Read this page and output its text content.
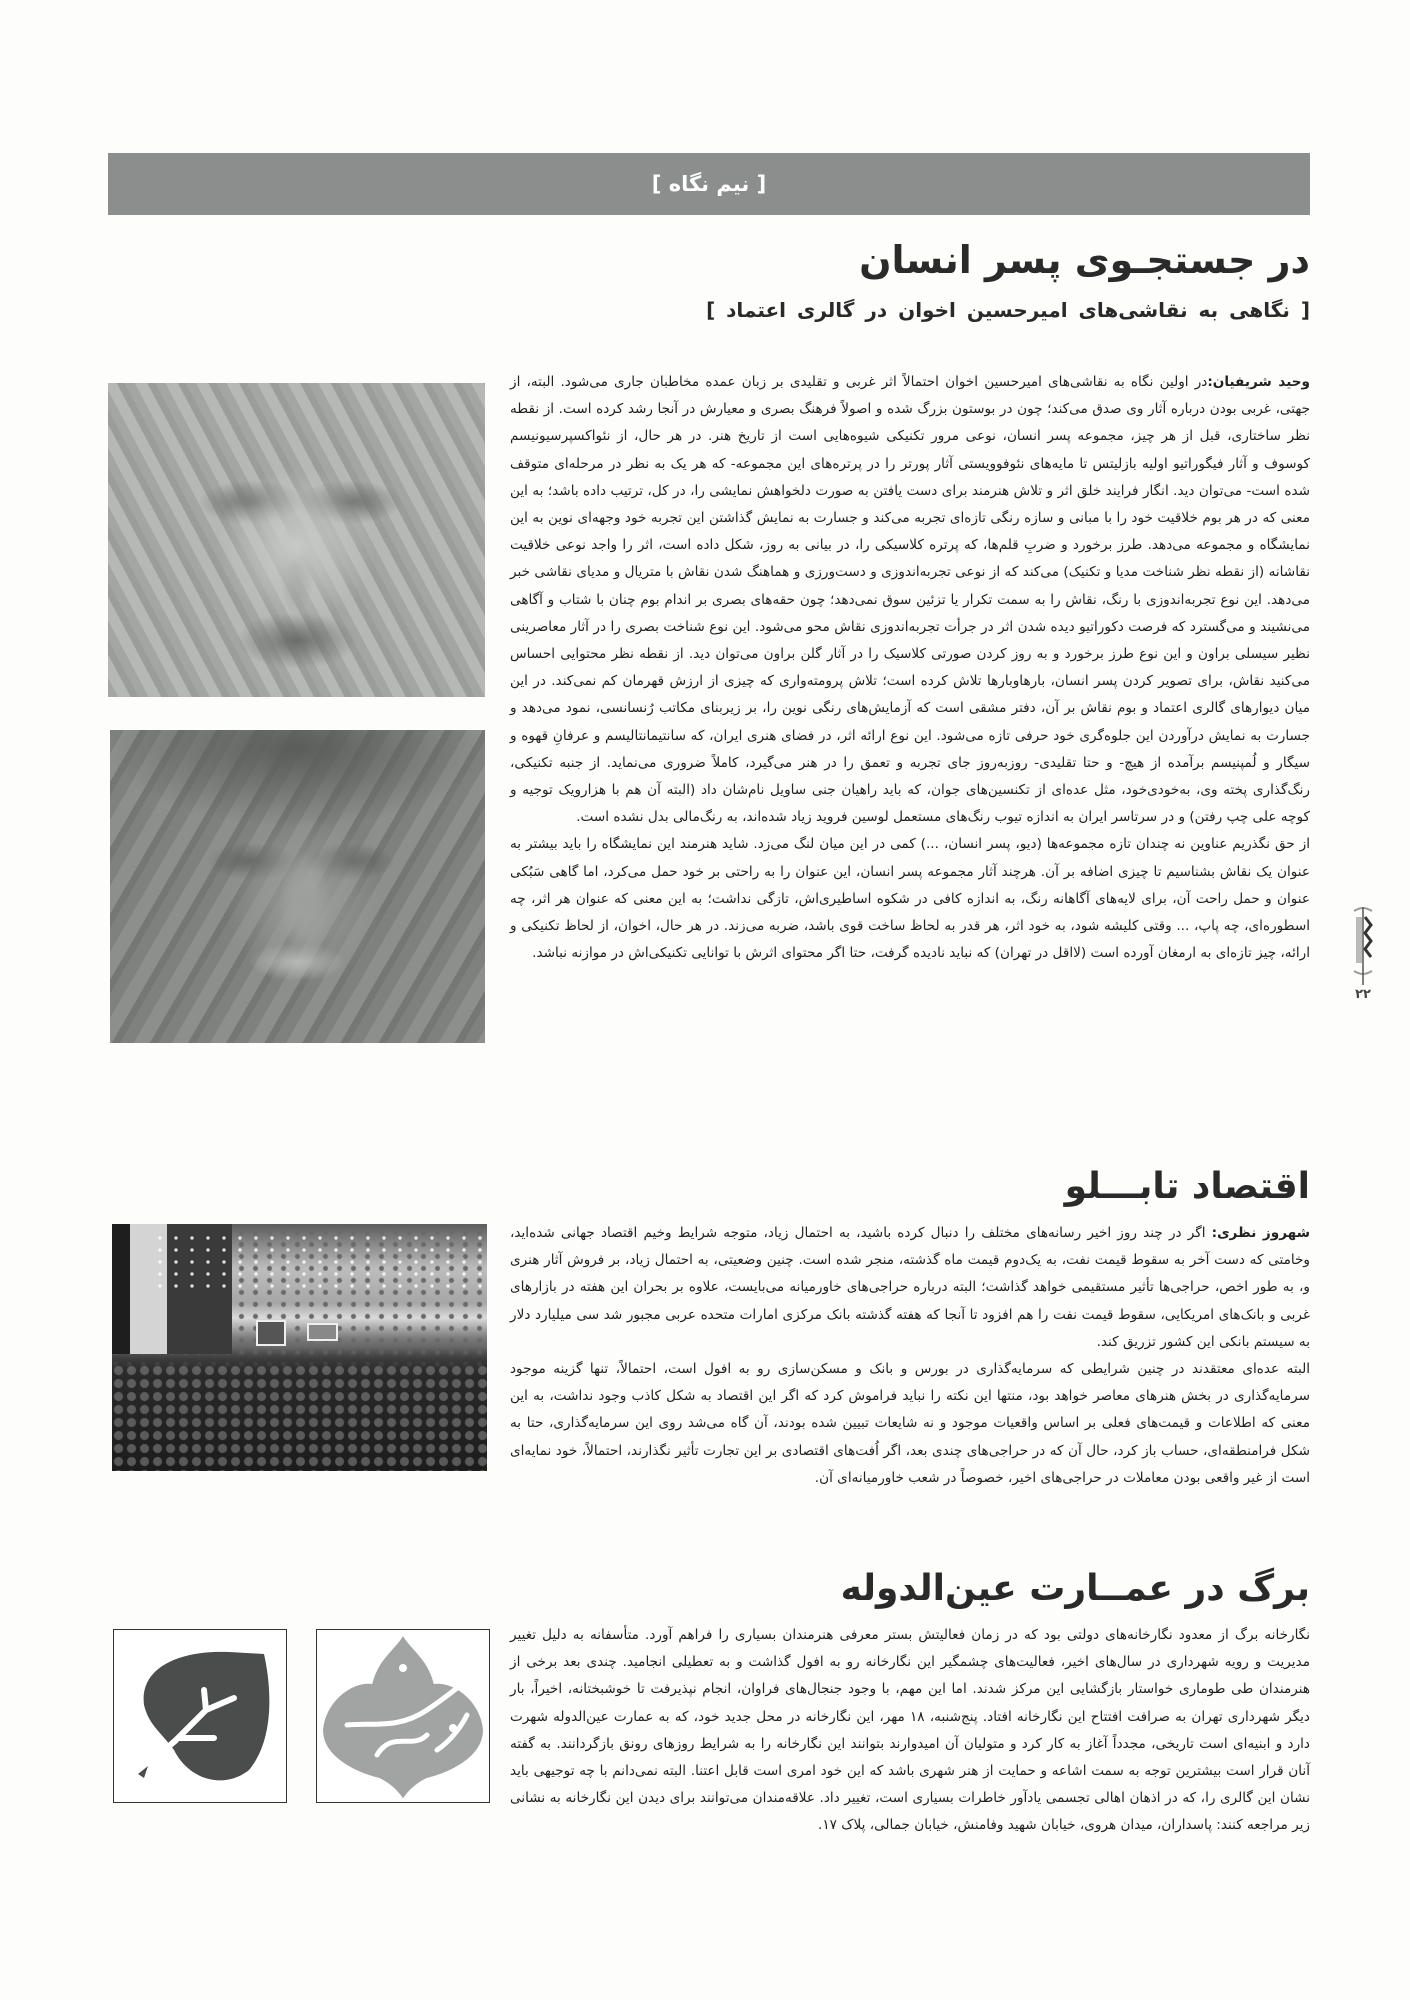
[ نیم نگاه ]
در جستجـوی پسر انسان
[ نگاهی به نقاشی‌های امیرحسین اخوان در گالری اعتماد ]

وحید شریفیان:در اولین نگاه به نقاشی‌های امیرحسین اخوان احتمالاً اثر غربی و تقلیدی بر زبان عمده مخاطبان جاری می‌شود. البته، از جهتی، غربی بودن درباره آثار وی صدق می‌کند؛ چون در بوستون بزرگ شده و اصولاً فرهنگ بصری و معیارش در آنجا رشد کرده است. از نقطه نظر ساختاری، قبل از هر چیز، مجموعه پسر انسان، نوعی مرور تکنیکی شیوه‌هایی است از تاریخ هنر. در هر حال، از نئواکسپرسیونیسم کوسوف و آثار فیگوراتیو اولیه بازلیتس تا مایه‌های نئوفوویستی آثار پورتر را در پرتره‌های این مجموعه- که هر یک به نظر در مرحله‌ای متوقف شده است- می‌توان دید. انگار فرایند خلق اثر و تلاش هنرمند برای دست یافتن به صورت دلخواهش نمایشی را، در کل، ترتیب داده باشد؛ به این معنی که در هر بوم خلاقیت خود را با مبانی و سازه رنگی تازه‌ای تجربه می‌کند و جسارت به نمایش گذاشتن این تجربه خود وجهه‌ای نوین به این نمایشگاه و مجموعه می‌دهد. طرز برخورد و ضربِ قلم‌ها، که پرتره کلاسیکی را، در بیانی به روز، شکل داده است، اثر را واجد نوعی خلاقیت نقاشانه (از نقطه نظر شناخت مدیا و تکنیک) می‌کند که از نوعی تجربه‌اندوزی و دست‌ورزی و هماهنگ شدن نقاش با متریال و مدیای نقاشی خبر می‌دهد. این نوع تجربه‌اندوزی با رنگ، نقاش را به سمت تکرار یا تزئین سوق نمی‌دهد؛ چون حقه‌های بصری بر اندام بوم چنان با شتاب و آگاهی می‌نشیند و می‌گسترد که فرصت دکوراتیو دیده شدن اثر در جرأت تجربه‌اندوزی نقاش محو می‌شود. این نوع شناخت بصری را در آثار معاصرینی نظیر سیسلی براون و این نوع طرز برخورد و به روز کردن صورتی کلاسیک را در آثار گلن براون می‌توان دید. از نقطه نظر محتوایی احساس می‌کنید نقاش، برای تصویر کردن پسر انسان، بارهاوبارها تلاش کرده است؛ تلاش پرومته‌واری که چیزی از ارزش قهرمان کم نمی‌کند. در این میان دیوارهای گالری اعتماد و بوم نقاش بر آن، دفتر مشقی است که آزمایش‌های رنگی نوین را، بر زیربنای مکاتب رُنسانسی، نمود می‌دهد و جسارت به نمایش درآوردن این جلوه‌گری خود حرفی تازه می‌شود. این نوع ارائه اثر، در فضای هنری ایران، که سانتیمانتالیسم و عرفانِ قهوه و سیگار و لُمپنیسم برآمده از هیچ- و حتا تقلیدی- روزبه‌روز جای تجربه و تعمق را در هنر می‌گیرد، کاملاً ضروری می‌نماید. از جنبه تکنیکی، رنگ‌گذاری پخته وی، به‌خودی‌خود، مثل عده‌ای از تکنسین‌های جوان، که باید راهیان جنی ساویل نام‌شان داد (البته آن هم با هزارویک توجیه و کوچه علی چپ رفتن) و در سرتاسر ایران به اندازه تیوب رنگ‌های مستعمل لوسین فروید زیاد شده‌اند، به رنگ‌مالی بدل نشده است.

از حق نگذریم عناوین نه چندان تازه مجموعه‌ها (دیو، پسر انسان، ...) کمی در این میان لنگ می‌زد. شاید هنرمند این نمایشگاه را باید بیشتر به عنوان یک نقاش بشناسیم تا چیزی اضافه بر آن. هرچند آثار مجموعه پسر انسان، این عنوان را به راحتی بر خود حمل می‌کرد، اما گاهی سَبُکی عنوان و حمل راحت آن، برای لایه‌های آگاهانه رنگ، به اندازه کافی در شکوه اساطیری‌اش، تازگی نداشت؛ به این معنی که عنوان هر اثر، چه اسطوره‌ای، چه پاپ، ... وقتی کلیشه شود، به خود اثر، هر قدر به لحاظ ساخت قوی باشد، ضربه می‌زند. در هر حال، اخوان، از لحاظ تکنیکی و ارائه، چیز تازه‌ای به ارمغان آورده است (لااقل در تهران) که نباید نادیده گرفت، حتا اگر محتوای اثرش با توانایی تکنیکی‌اش در موازنه نباشد.

اقتصاد تابـــلو

شهروز نظری: اگر در چند روز اخیر رسانه‌های مختلف را دنبال کرده باشید، به احتمال زیاد، متوجه شرایط وخیم اقتصاد جهانی شده‌اید، وخامتی که دست آخر به سقوط قیمت نفت، به یک‌دوم قیمت ماه گذشته، منجر شده است. چنین وضعیتی، به احتمال زیاد، بر فروش آثار هنری و، به طور اخص، حراجی‌ها تأثیر مستقیمی خواهد گذاشت؛ البته درباره حراجی‌های خاورمیانه می‌بایست، علاوه بر بحران این هفته در بازارهای غربی و بانک‌های امریکایی، سقوط قیمت نفت را هم افزود تا آنجا که هفته گذشته بانک مرکزی امارات متحده عربی مجبور شد سی میلیارد دلار به سیستم بانکی این کشور تزریق کند.

البته عده‌ای معتقدند در چنین شرایطی که سرمایه‌گذاری در بورس و بانک و مسکن‌سازی رو به افول است، احتمالاً، تنها گزینه موجود سرمایه‌گذاری در بخش هنرهای معاصر خواهد بود، منتها این نکته را نباید فراموش کرد که اگر این اقتصاد به شکل کاذب وجود نداشت، به این معنی که اطلاعات و قیمت‌های فعلی بر اساس واقعیات موجود و نه شایعات تبیین شده بودند، آن گاه می‌شد روی این سرمایه‌گذاری، حتا به شکل فرامنطقه‌ای، حساب باز کرد، حال آن که در حراجی‌های چندی بعد، اگر اُفت‌های اقتصادی بر این تجارت تأثیر نگذارند، احتمالاً، خود نمایه‌ای است از غیر واقعی بودن معاملات در حراجی‌های اخیر، خصوصاً در شعب خاورمیانه‌ای آن.

برگ در عمــارت عین‌الدوله

نگارخانه برگ از معدود نگارخانه‌های دولتی بود که در زمان فعالیتش بستر معرفی هنرمندان بسیاری را فراهم آورد. متأسفانه به دلیل تغییر مدیریت و رویه شهرداری در سال‌های اخیر، فعالیت‌های چشمگیر این نگارخانه رو به افول گذاشت و به تعطیلی انجامید. چندی بعد برخی از هنرمندان طی طوماری خواستار بازگشایی این مرکز شدند. اما این مهم، با وجود جنجال‌های فراوان، انجام نپذیرفت تا خوشبختانه، اخیراً، بار دیگر شهرداری تهران به صرافت افتتاح این نگارخانه افتاد. پنج‌شنبه، ۱۸ مهر، این نگارخانه در محل جدید خود، که به عمارت عین‌الدوله شهرت دارد و ابنیه‌ای است تاریخی، مجدداً آغاز به کار کرد و متولیان آن امیدوارند بتوانند این نگارخانه را به شرایط روزهای رونق بازگردانند. به گفته آنان قرار است بیشترین توجه به سمت اشاعه و حمایت از هنر شهری باشد که این خود امری است قابل اعتنا. البته نمی‌دانم با چه توجیهی باید نشان این گالری را، که در اذهان اهالی تجسمی یادآور خاطرات بسیاری است، تغییر داد. علاقه‌مندان می‌توانند برای دیدن این نگارخانه به نشانی زیر مراجعه کنند: پاسداران، میدان هروی، خیابان شهید وفامنش، خیابان جمالی، پلاک ۱۷.

۲۲
